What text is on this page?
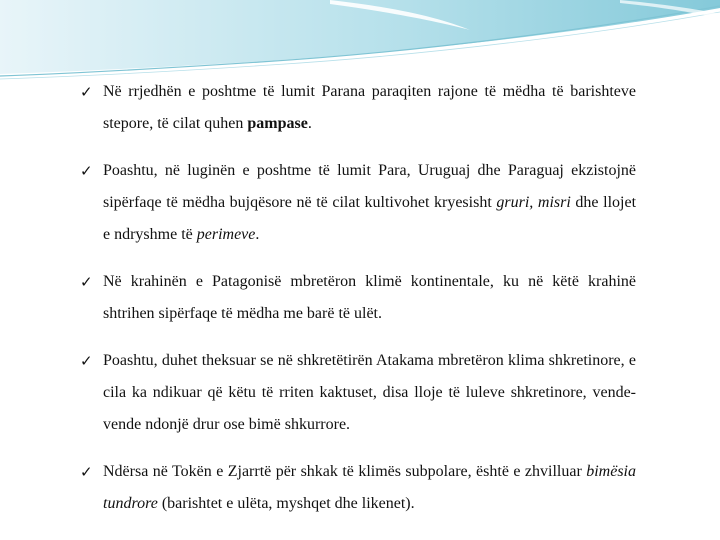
✓ Në rrjedhën e poshtme të lumit Parana paraqiten rajone të mëdha të barishteve stepore, të cilat quhen pampase.
✓ Poashtu, në luginën e poshtme të lumit Para, Uruguaj dhe Paraguaj ekzistojnë sipërfaqe të mëdha bujqësore në të cilat kultivohet kryesisht gruri, misri dhe llojet e ndryshme të perimeve.
✓ Në krahinën e Patagonisë mbretëron klimë kontinentale, ku në këtë krahinë shtrihen sipërfaqe të mëdha me barë të ulët.
✓ Poashtu, duhet theksuar se në shkretëtirën Atakama mbretëron klima shkretinore, e cila ka ndikuar që këtu të rriten kaktuset, disa lloje të luleve shkretinore, vende-vende ndonjë drur ose bimë shkurrore.
✓ Ndërsa në Tokën e Zjarrtë për shkak të klimës subpolare, është e zhvilluar bimësia tundrore (barishtet e ulëta, myshqet dhe likenet).
